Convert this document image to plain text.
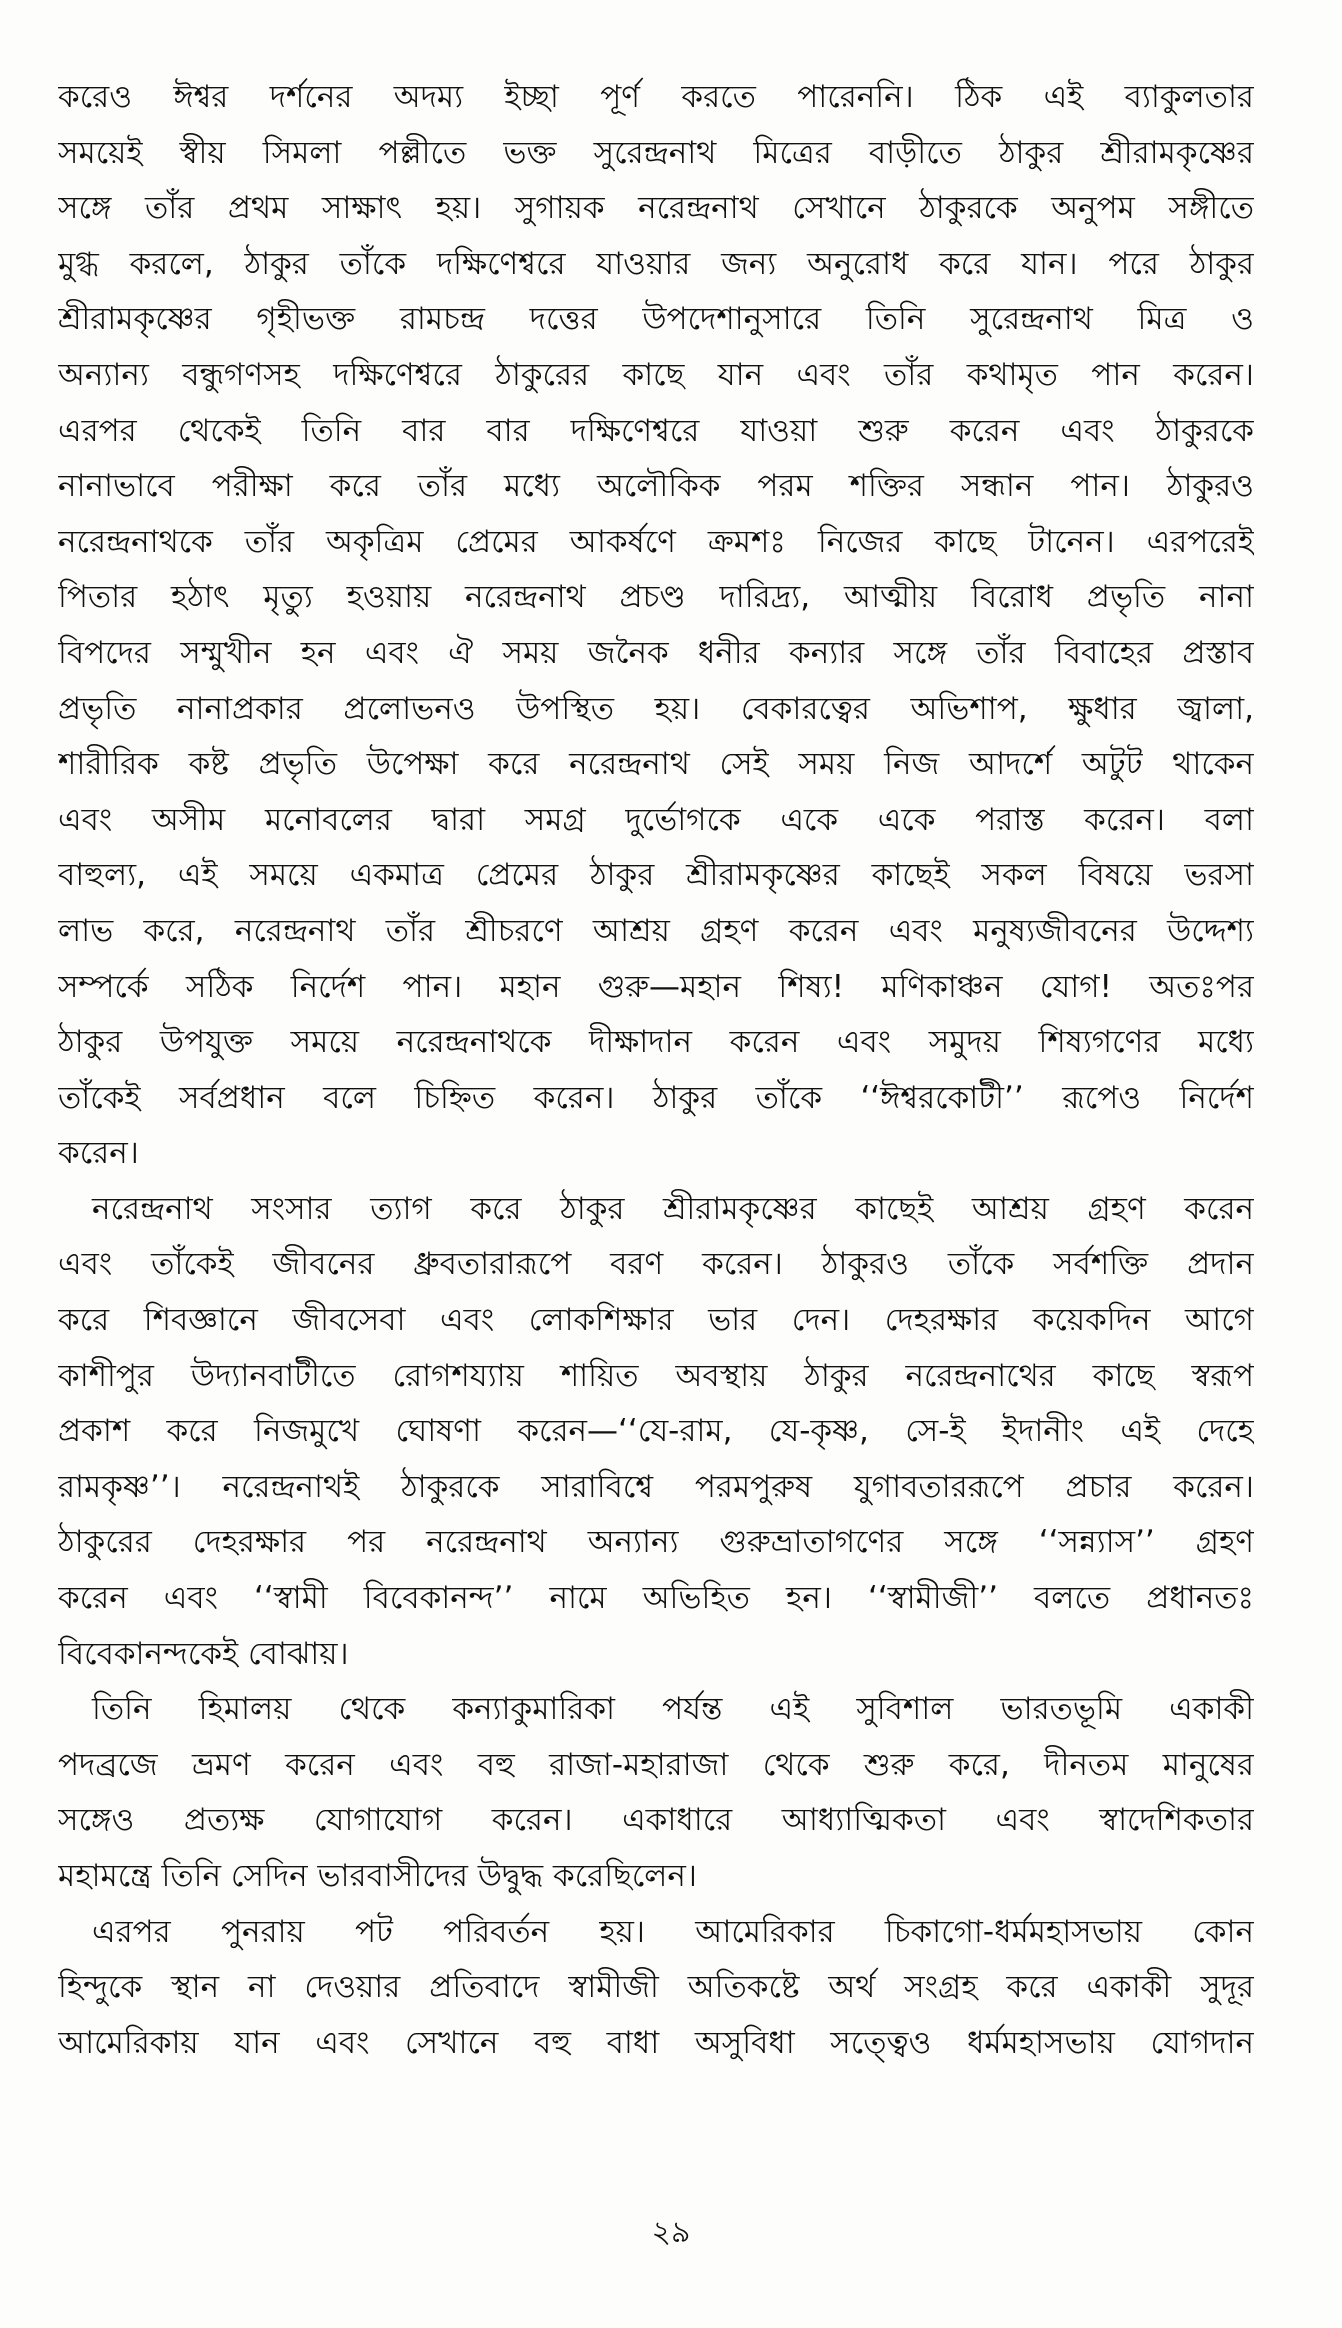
করেও ঈশ্বর দর্শনের অদম্য ইচ্ছা পূর্ণ করতে পারেননি। ঠিক এই ব্যাকুলতার
সময়েই স্বীয় সিমলা পল্লীতে ভক্ত সুরেন্দ্রনাথ মিত্রের বাড়ীতে ঠাকুর শ্রীরামকৃষ্ণের
সঙ্গে তাঁর প্রথম সাক্ষাৎ হয়। সুগায়ক নরেন্দ্রনাথ সেখানে ঠাকুরকে অনুপম সঙ্গীতে
মুগ্ধ করলে, ঠাকুর তাঁকে দক্ষিণেশ্বরে যাওয়ার জন্য অনুরোধ করে যান। পরে ঠাকুর
শ্রীরামকৃষ্ণের গৃহীভক্ত রামচন্দ্র দত্তের উপদেশানুসারে তিনি সুরেন্দ্রনাথ মিত্র ও
অন্যান্য বন্ধুগণসহ দক্ষিণেশ্বরে ঠাকুরের কাছে যান এবং তাঁর কথামৃত পান করেন।
এরপর থেকেই তিনি বার বার দক্ষিণেশ্বরে যাওয়া শুরু করেন এবং ঠাকুরকে
নানাভাবে পরীক্ষা করে তাঁর মধ্যে অলৌকিক পরম শক্তির সন্ধান পান। ঠাকুরও
নরেন্দ্রনাথকে তাঁর অকৃত্রিম প্রেমের আকর্ষণে ক্রমশঃ নিজের কাছে টানেন। এরপরেই
পিতার হঠাৎ মৃত্যু হওয়ায় নরেন্দ্রনাথ প্রচণ্ড দারিদ্র্য, আত্মীয় বিরোধ প্রভৃতি নানা
বিপদের সম্মুখীন হন এবং ঐ সময় জনৈক ধনীর কন্যার সঙ্গে তাঁর বিবাহের প্রস্তাব
প্রভৃতি নানাপ্রকার প্রলোভনও উপস্থিত হয়। বেকারত্বের অভিশাপ, ক্ষুধার জ্বালা,
শারীরিক কষ্ট প্রভৃতি উপেক্ষা করে নরেন্দ্রনাথ সেই সময় নিজ আদর্শে অটুট থাকেন
এবং অসীম মনোবলের দ্বারা সমগ্র দুর্ভোগকে একে একে পরাস্ত করেন। বলা
বাহুল্য, এই সময়ে একমাত্র প্রেমের ঠাকুর শ্রীরামকৃষ্ণের কাছেই সকল বিষয়ে ভরসা
লাভ করে, নরেন্দ্রনাথ তাঁর শ্রীচরণে আশ্রয় গ্রহণ করেন এবং মনুষ্যজীবনের উদ্দেশ্য
সম্পর্কে সঠিক নির্দেশ পান। মহান গুরু—মহান শিষ্য! মণিকাঞ্চন যোগ! অতঃপর
ঠাকুর উপযুক্ত সময়ে নরেন্দ্রনাথকে দীক্ষাদান করেন এবং সমুদয় শিষ্যগণের মধ্যে
তাঁকেই সর্বপ্রধান বলে চিহ্নিত করেন। ঠাকুর তাঁকে ‘‘ঈশ্বরকোটী’’ রূপেও নির্দেশ
করেন।

নরেন্দ্রনাথ সংসার ত্যাগ করে ঠাকুর শ্রীরামকৃষ্ণের কাছেই আশ্রয় গ্রহণ করেন
এবং তাঁকেই জীবনের ধ্রুবতারারূপে বরণ করেন। ঠাকুরও তাঁকে সর্বশক্তি প্রদান
করে শিবজ্ঞানে জীবসেবা এবং লোকশিক্ষার ভার দেন। দেহরক্ষার কয়েকদিন আগে
কাশীপুর উদ্যানবাটীতে রোগশয্যায় শায়িত অবস্থায় ঠাকুর নরেন্দ্রনাথের কাছে স্বরূপ
প্রকাশ করে নিজমুখে ঘোষণা করেন—‘‘যে-রাম, যে-কৃষ্ণ, সে-ই ইদানীং এই দেহে
রামকৃষ্ণ’’। নরেন্দ্রনাথই ঠাকুরকে সারাবিশ্বে পরমপুরুষ যুগাবতাররূপে প্রচার করেন।
ঠাকুরের দেহরক্ষার পর নরেন্দ্রনাথ অন্যান্য গুরুভ্রাতাগণের সঙ্গে ‘‘সন্ন্যাস’’ গ্রহণ
করেন এবং ‘‘স্বামী বিবেকানন্দ’’ নামে অভিহিত হন। ‘‘স্বামীজী’’ বলতে প্রধানতঃ
বিবেকানন্দকেই বোঝায়।

তিনি হিমালয় থেকে কন্যাকুমারিকা পর্যন্ত এই সুবিশাল ভারতভূমি একাকী
পদব্রজে ভ্রমণ করেন এবং বহু রাজা-মহারাজা থেকে শুরু করে, দীনতম মানুষের
সঙ্গেও প্রত্যক্ষ যোগাযোগ করেন। একাধারে আধ্যাত্মিকতা এবং স্বাদেশিকতার
মহামন্ত্রে তিনি সেদিন ভারবাসীদের উদ্বুদ্ধ করেছিলেন।

এরপর পুনরায় পট পরিবর্তন হয়। আমেরিকার চিকাগো-ধর্মমহাসভায় কোন
হিন্দুকে স্থান না দেওয়ার প্রতিবাদে স্বামীজী অতিকষ্টে অর্থ সংগ্রহ করে একাকী সুদূর
আমেরিকায় যান এবং সেখানে বহু বাধা অসুবিধা সত্ত্বেও ধর্মমহাসভায় যোগদান

২৯
